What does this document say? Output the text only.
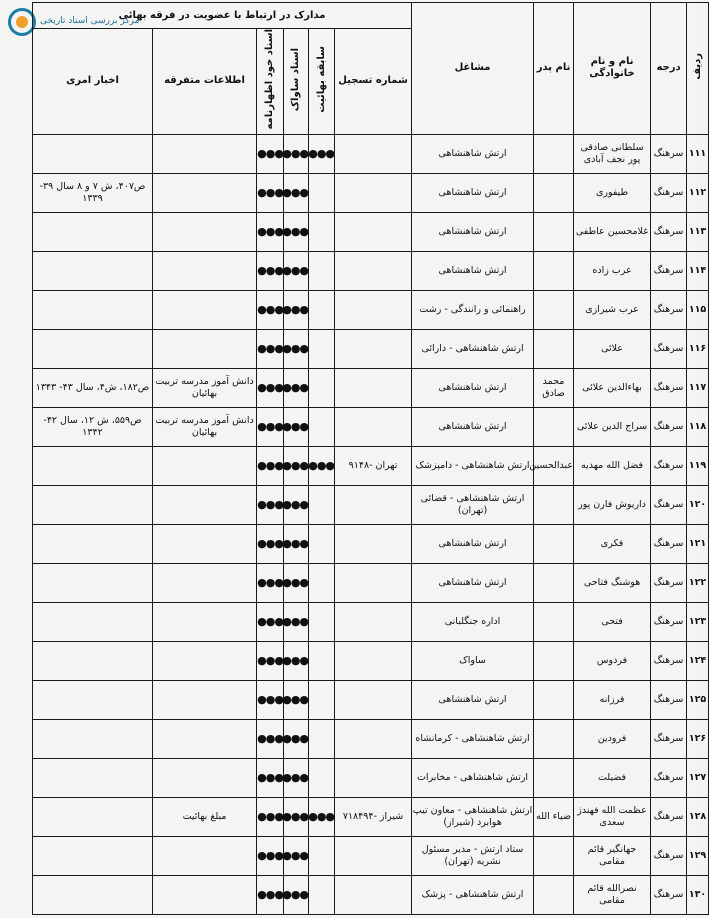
مرکز بررسی اسناد تاریخی
ردیف	درجه	نام و نام خانوادگی	نام پدر	مشاغل	مدارک در ارتباط با عضویت در فرقه بهائی					
					شماره تسجیل	سابقه بهائیت	اسناد ساواک	اسناد خود اظهارنامه	اطلاعات متفرقه	اخبار امری
۱۱۱	سرهنگ	سلطانی صادقی پور نجف آبادی		ارتش شاهنشاهی		●●●	●●●	●●●		
۱۱۲	سرهنگ	طیفوری		ارتش شاهنشاهی			●●●	●●●		ص۴۰۷، ش ۷ و ۸ سال ۳۹- ۱۳۳۹
۱۱۳	سرهنگ	غلامحسین عاطفی		ارتش شاهنشاهی			●●●	●●●		
۱۱۴	سرهنگ	عرب زاده		ارتش شاهنشاهی			●●●	●●●		
۱۱۵	سرهنگ	عرب شیرازی		راهنمائی و رانندگی - رشت			●●●	●●●		
۱۱۶	سرهنگ	علائی		ارتش شاهنشاهی - دارائی			●●●	●●●		
۱۱۷	سرهنگ	بهاءالدین علائی	محمد صادق	ارتش شاهنشاهی			●●●	●●●	دانش آموز مدرسه تربیت بهائیان	ص۱۸۲، ش۴، سال ۴۳- ۱۳۴۳
۱۱۸	سرهنگ	سراج الدین علائی		ارتش شاهنشاهی			●●●	●●●	دانش آموز مدرسه تربیت بهائیان	ص۵۵۹، ش ۱۲، سال ۴۲- ۱۳۴۲
۱۱۹	سرهنگ	فضل الله مهدیه	عبدالحسین	ارتش شاهنشاهی - دامپزشک	تهران -۹۱۴۸	●●●	●●●	●●●		
۱۲۰	سرهنگ	داریوش فارن پور		ارتش شاهنشاهی - قضائی (تهران)			●●●	●●●		
۱۲۱	سرهنگ	فکری		ارتش شاهنشاهی			●●●	●●●		
۱۲۲	سرهنگ	هوشنگ فتاحی		ارتش شاهنشاهی			●●●	●●●		
۱۲۳	سرهنگ	فتحی		اداره جنگلبانی			●●●	●●●		
۱۲۴	سرهنگ	فردوس		ساواک			●●●	●●●		
۱۲۵	سرهنگ	فرزانه		ارتش شاهنشاهی			●●●	●●●		
۱۲۶	سرهنگ	فرودین		ارتش شاهنشاهی - کرمانشاه			●●●	●●●		
۱۲۷	سرهنگ	فضیلت		ارتش شاهنشاهی - مخابرات			●●●	●●●		
۱۲۸	سرهنگ	عظمت الله فهندژ سعدی	ضیاء الله	ارتش شاهنشاهی - معاون تیپ هوابرد (شیراز)	شیراز -۷۱۸۴۹۴	●●●	●●●	●●●	مبلغ بهائیت	
۱۲۹	سرهنگ	جهانگیر قائم مقامی		ستاد ارتش - مدیر مسئول نشریه (تهران)			●●●	●●●		
۱۳۰	سرهنگ	نصرالله قائم مقامی		ارتش شاهنشاهی - پزشک			●●●	●●●		
